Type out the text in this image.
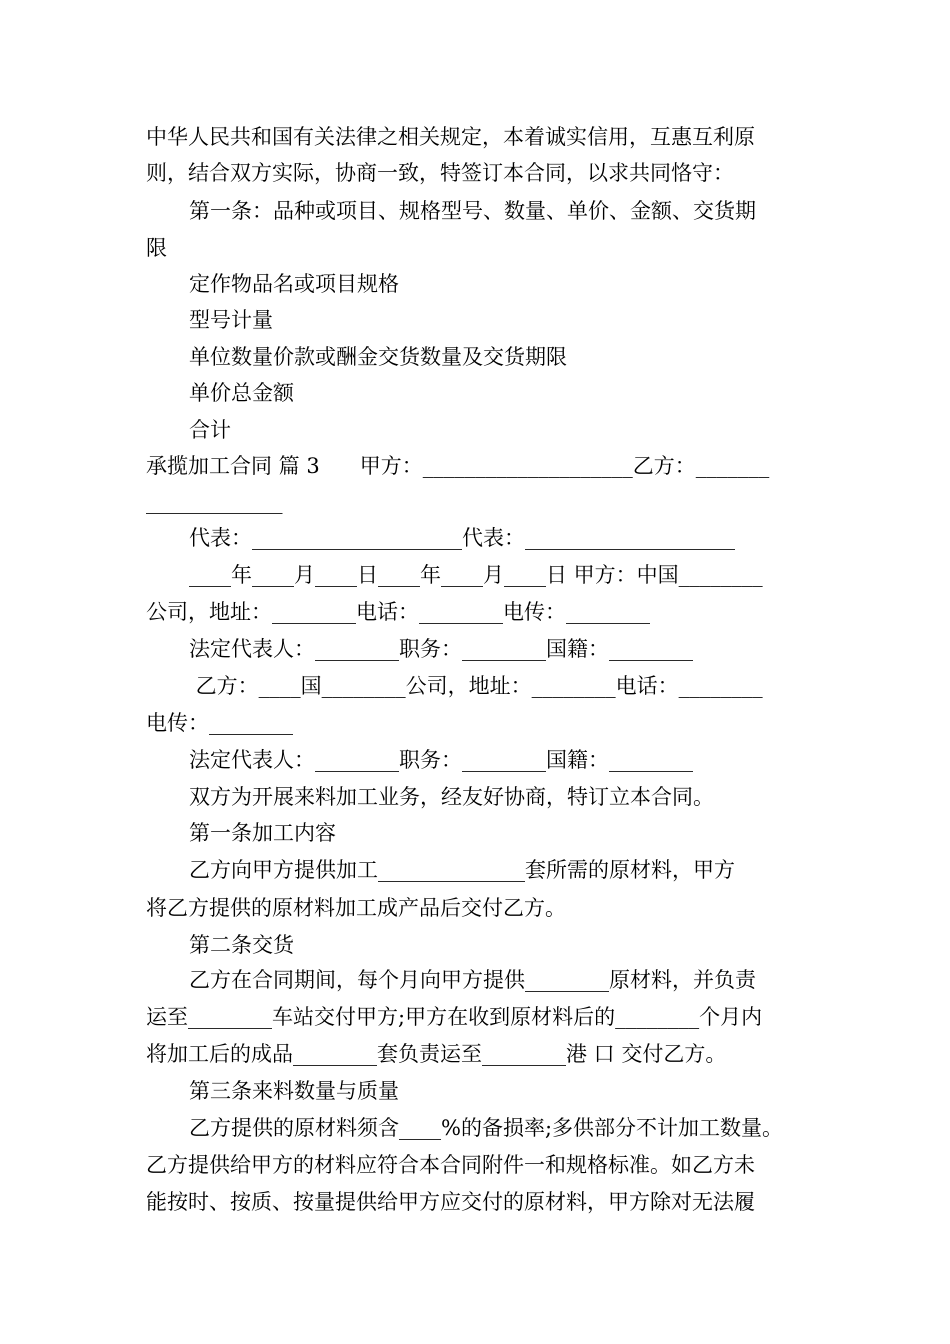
中华人民共和国有关法律之相关规定，本着诚实信用，互惠互利原
则，结合双方实际，协商一致，特签订本合同，以求共同恪守：
第一条：品种或项目、规格型号、数量、单价、金额、交货期
限
定作物品名或项目规格
型号计量
单位数量价款或酬金交货数量及交货期限
单价总金额
合计
承揽加工合同 篇 3      甲方：____________________乙方：_______
_____________
代表：____________________代表：____________________
____年____月____日____年____月____日 甲方：中国________
公司，地址：________电话：________电传：________
法定代表人：________职务：________国籍：________
乙方：____国________公司，地址：________电话：________
电传：________
法定代表人：________职务：________国籍：________
双方为开展来料加工业务，经友好协商，特订立本合同。
第一条加工内容
乙方向甲方提供加工______________套所需的原材料，甲方
将乙方提供的原材料加工成产品后交付乙方。
第二条交货
乙方在合同期间，每个月向甲方提供________原材料，并负责
运至________车站交付甲方;甲方在收到原材料后的________个月内
将加工后的成品________套负责运至________港 口 交付乙方。
第三条来料数量与质量
乙方提供的原材料须含____%的备损率;多供部分不计加工数量。
乙方提供给甲方的材料应符合本合同附件一和规格标准。如乙方未
能按时、按质、按量提供给甲方应交付的原材料，甲方除对无法履
